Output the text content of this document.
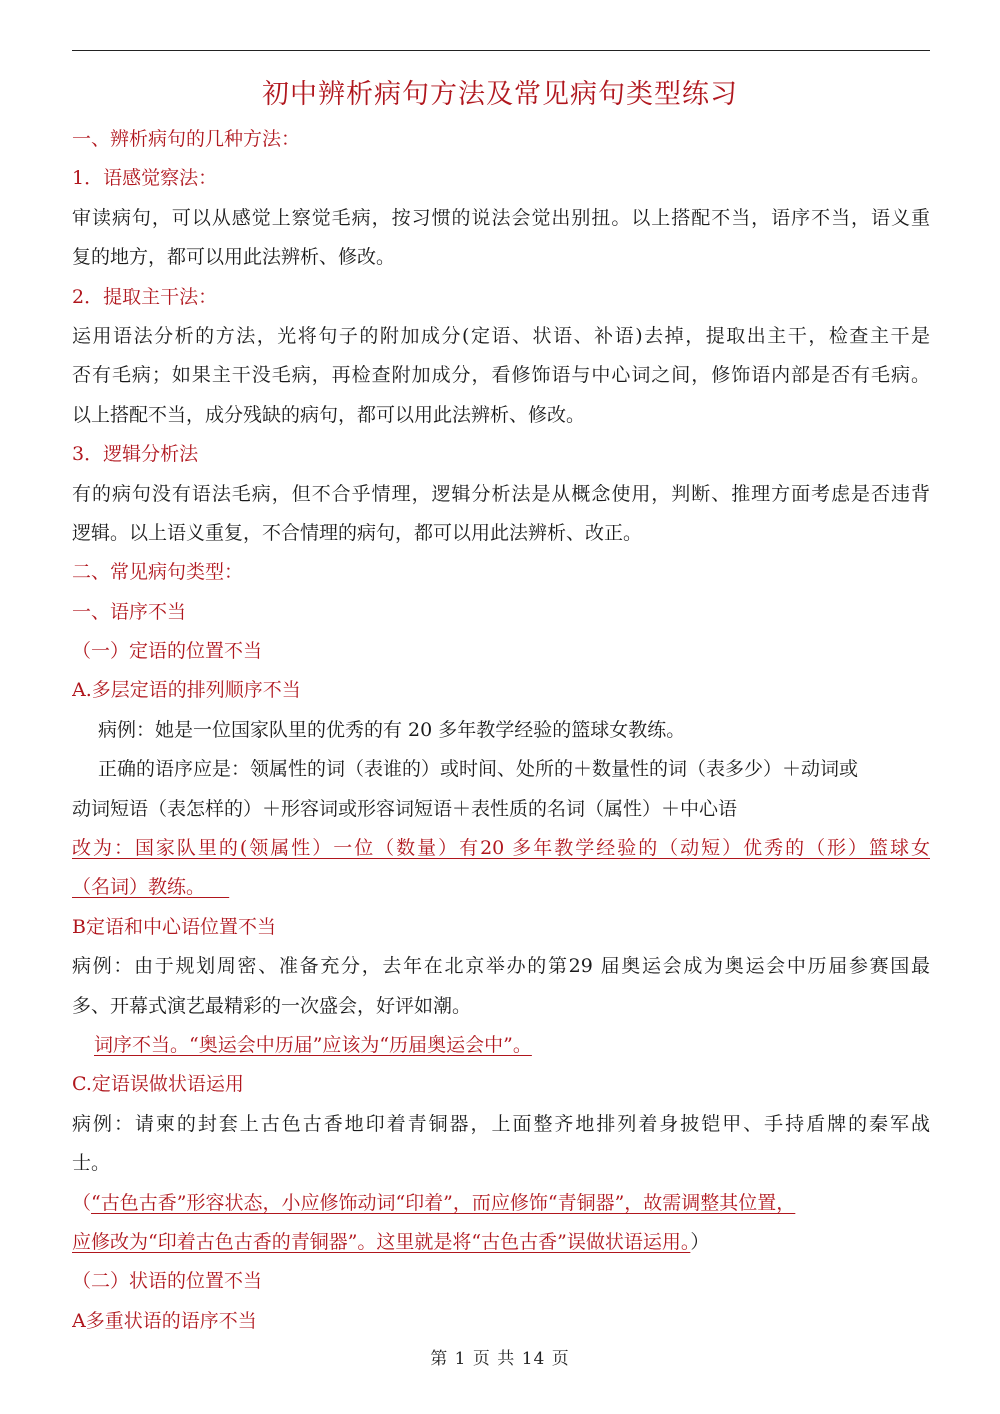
初中辨析病句方法及常见病句类型练习
一、辨析病句的几种方法：
1．语感觉察法：
审读病句，可以从感觉上察觉毛病，按习惯的说法会觉出别扭。以上搭配不当，语序不当，语义重
复的地方，都可以用此法辨析、修改。
2．提取主干法：
运用语法分析的方法，光将句子的附加成分(定语、状语、补语)去掉，提取出主干，检查主干是
否有毛病；如果主干没毛病，再检查附加成分，看修饰语与中心词之间，修饰语内部是否有毛病。
以上搭配不当，成分残缺的病句，都可以用此法辨析、修改。
3．逻辑分析法
有的病句没有语法毛病，但不合乎情理，逻辑分析法是从概念使用，判断、推理方面考虑是否违背
逻辑。以上语义重复，不合情理的病句，都可以用此法辨析、改正。
二、常见病句类型：
一、语序不当
（一）定语的位置不当
A.多层定语的排列顺序不当
病例：她是一位国家队里的优秀的有 20 多年教学经验的篮球女教练。
正确的语序应是：领属性的词（表谁的）或时间、处所的＋数量性的词（表多少）＋动词或
动词短语（表怎样的）＋形容词或形容词短语＋表性质的名词（属性）＋中心语
改为：国家队里的(领属性）一位（数量）有20 多年教学经验的（动短）优秀的（形）篮球女
（名词）教练。
B定语和中心语位置不当
病例：由于规划周密、准备充分，去年在北京举办的第29 届奥运会成为奥运会中历届参赛国最
多、开幕式演艺最精彩的一次盛会，好评如潮。
词序不当。“奥运会中历届”应该为“历届奥运会中”。
C.定语误做状语运用
病例：请柬的封套上古色古香地印着青铜器，上面整齐地排列着身披铠甲、手持盾牌的秦军战
士。
（“古色古香”形容状态，小应修饰动词“印着”，而应修饰“青铜器”，故需调整其位置，
应修改为“印着古色古香的青铜器”。这里就是将“古色古香”误做状语运用。）
（二）状语的位置不当
A多重状语的语序不当
第 1 页 共 14 页
